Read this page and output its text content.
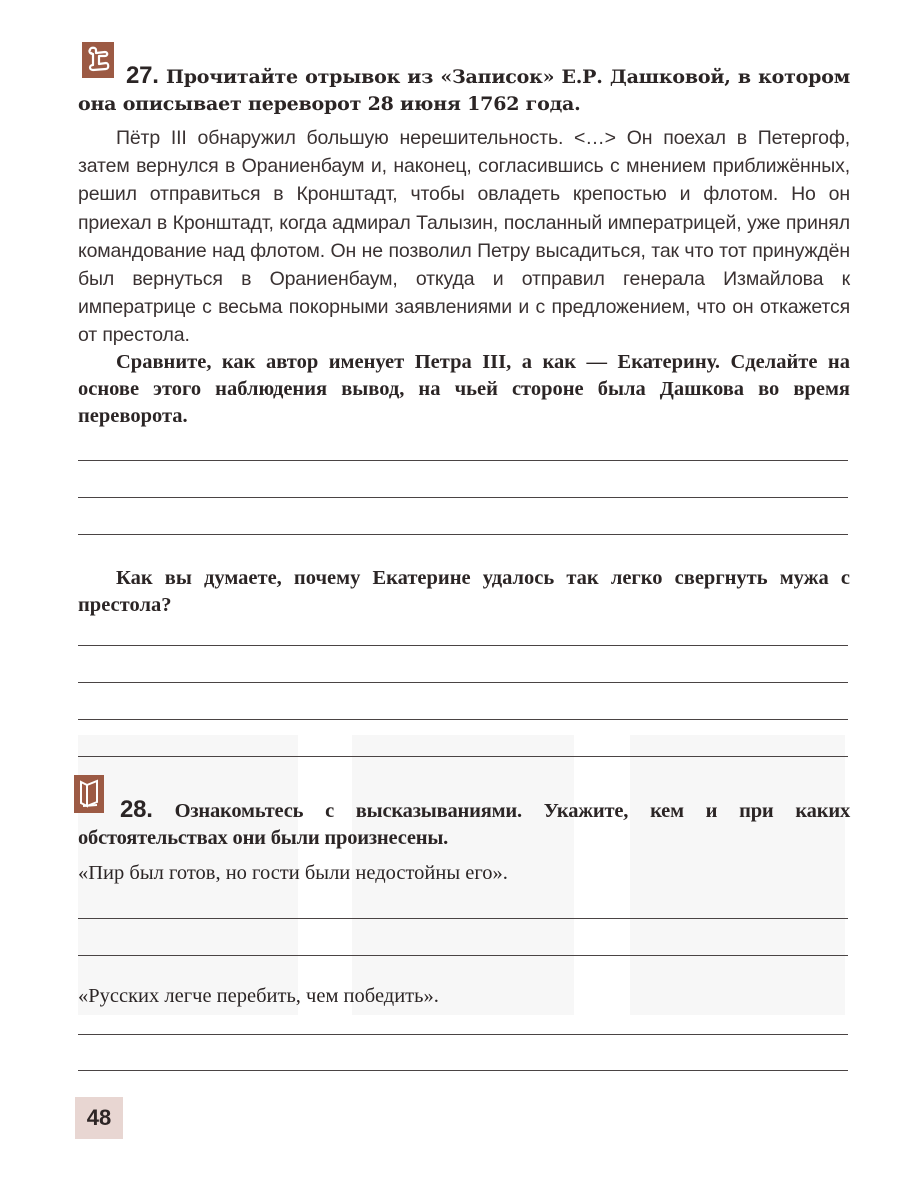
27. Прочитайте отрывок из «Записок» Е.Р. Дашковой, в котором она описывает переворот 28 июня 1762 года.

Пётр III обнаружил большую нерешительность. <…> Он поехал в Петергоф, затем вернулся в Ораниенбаум и, наконец, согласившись с мнением приближённых, решил отправиться в Кронштадт, чтобы овладеть крепостью и флотом. Но он приехал в Кронштадт, когда адмирал Талызин, посланный императрицей, уже принял командование над флотом. Он не позволил Петру высадиться, так что тот принуждён был вернуться в Ораниенбаум, откуда и отправил генерала Измайлова к императрице с весьма покорными заявлениями и с предложением, что он откажется от престола.

Сравните, как автор именует Петра III, а как — Екатерину. Сделайте на основе этого наблюдения вывод, на чьей стороне была Дашкова во время переворота.
Как вы думаете, почему Екатерине удалось так легко свергнуть мужа с престола?
28. Ознакомьтесь с высказываниями. Укажите, кем и при каких обстоятельствах они были произнесены.
«Пир был готов, но гости были недостойны его».
«Русских легче перебить, чем победить».
48
